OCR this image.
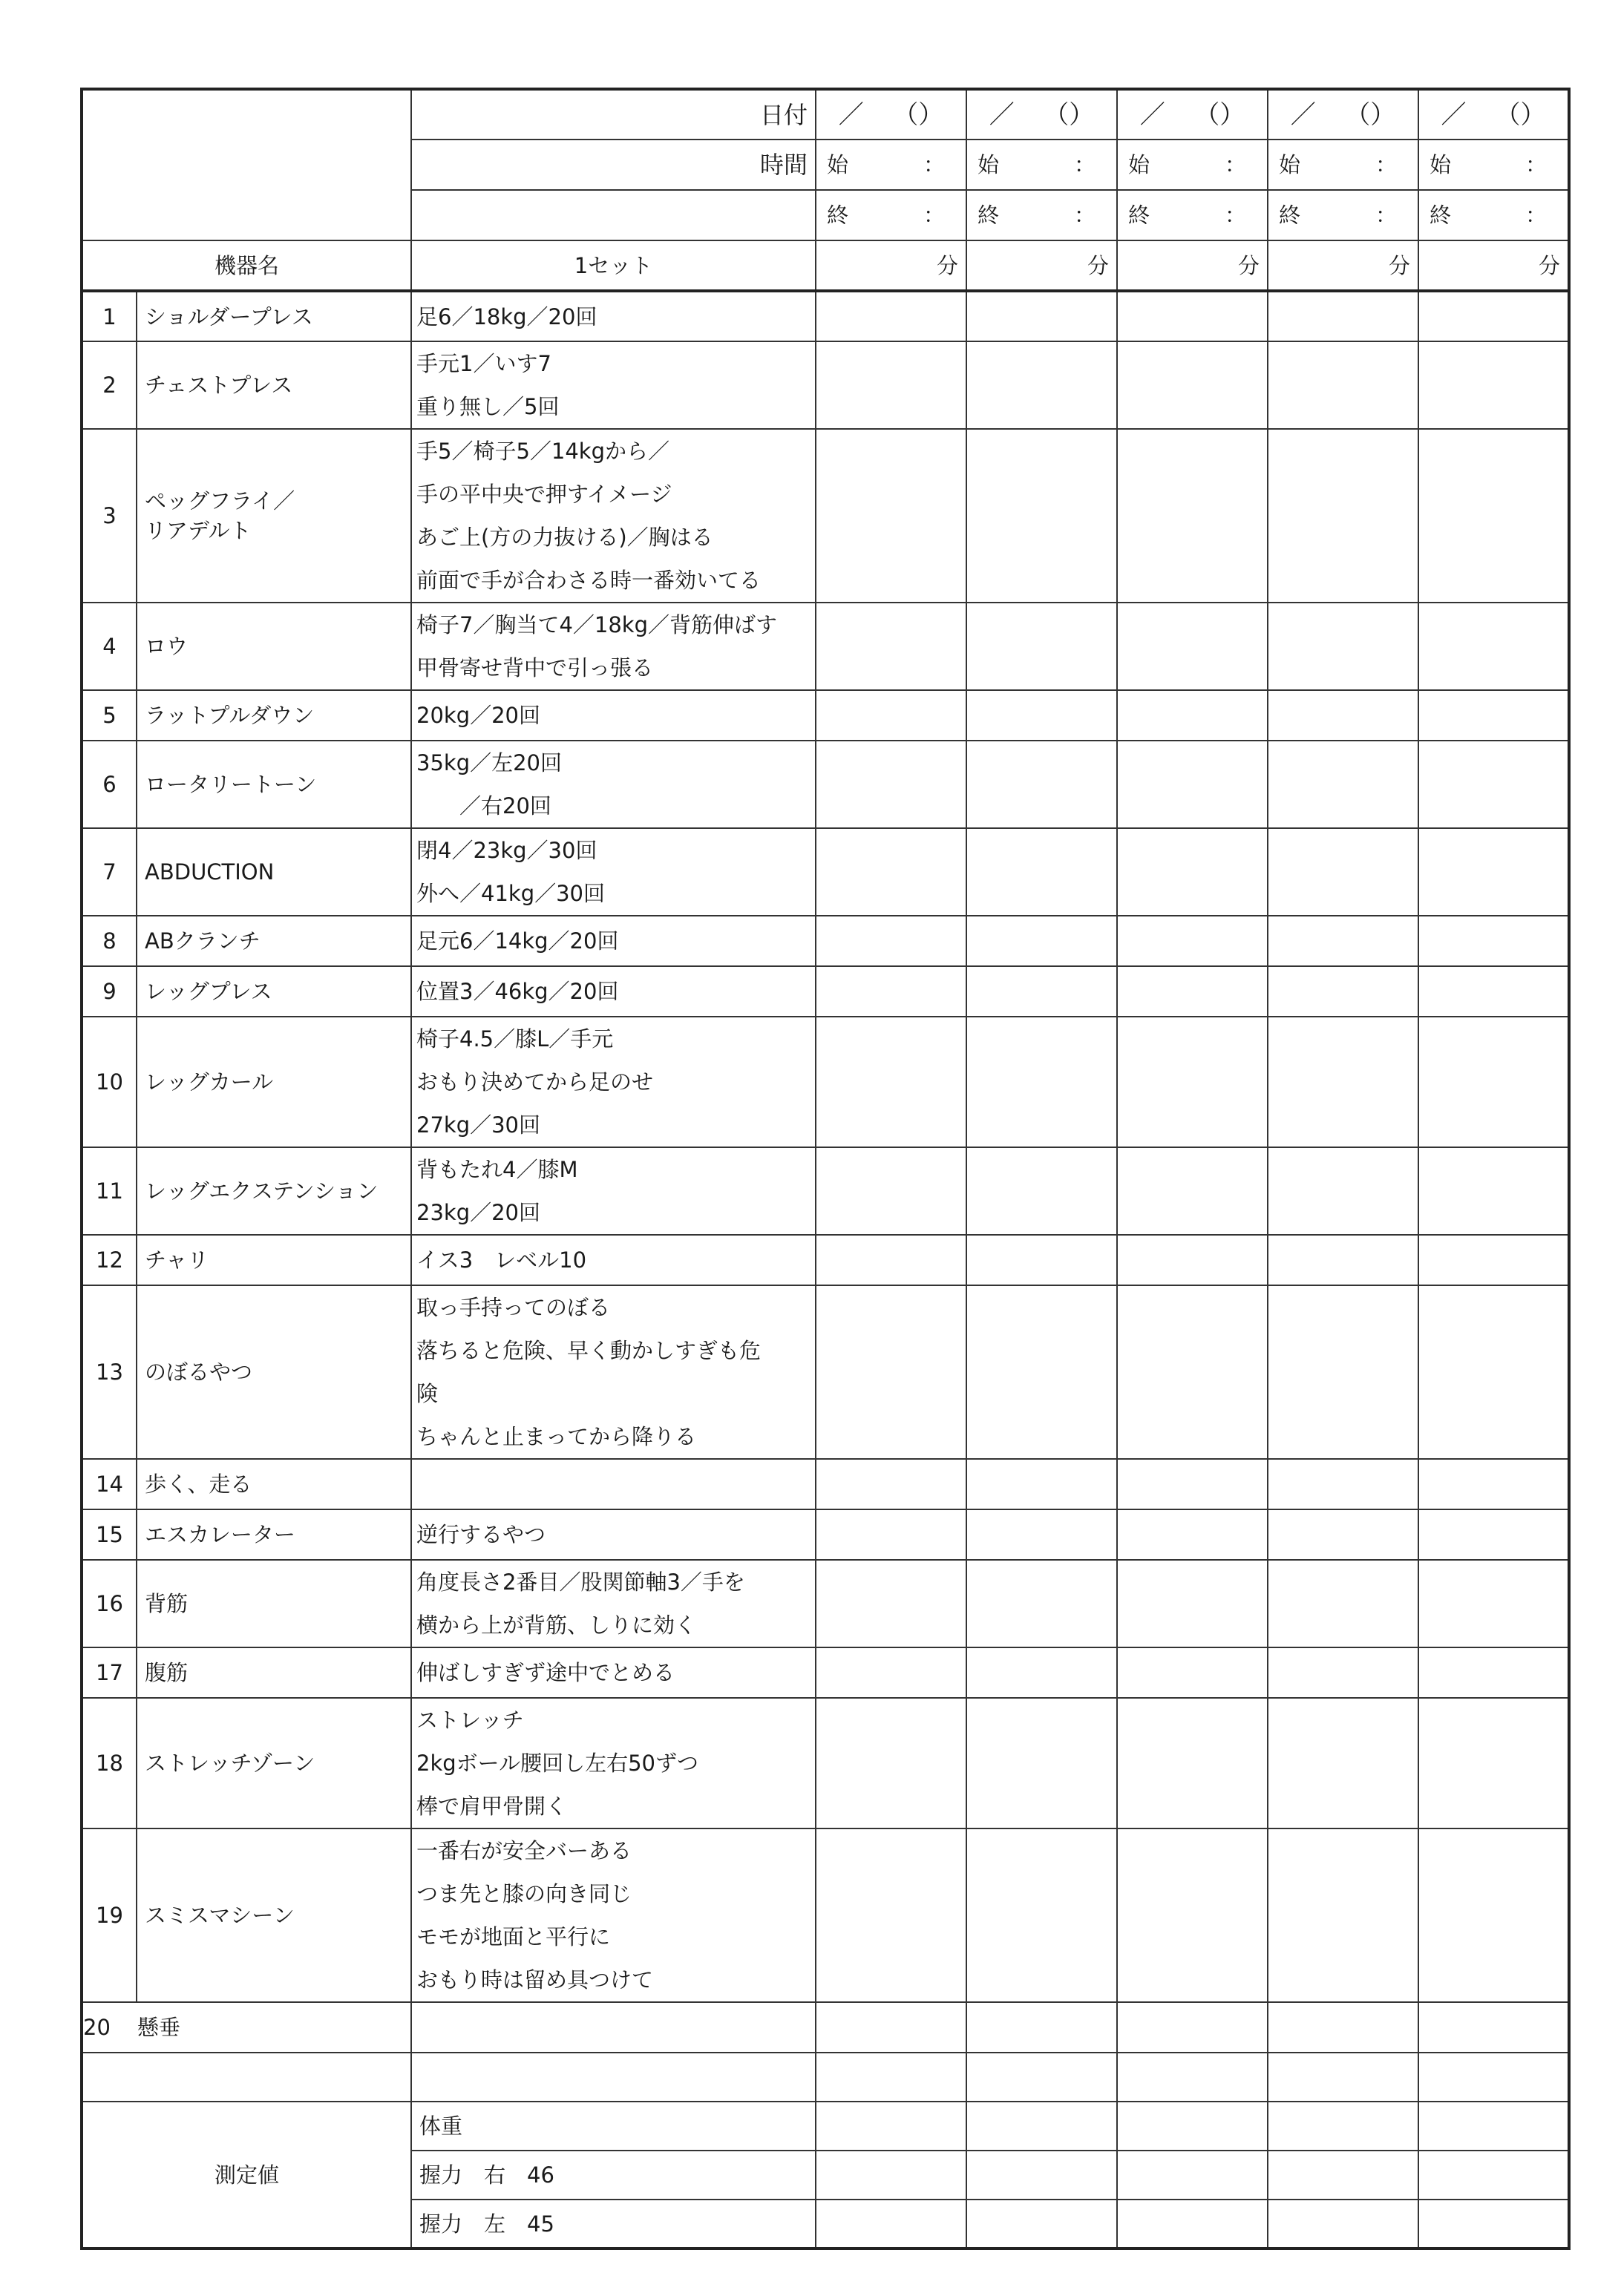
		日付	／ （）	／ （）	／ （）	／ （）	／ （）

		時間	始 ：	始 ：	始 ：	始 ：	始 ：

			終 ：	終 ：	終 ：	終 ：	終 ：

機器名		1セット	分	分	分	分	分
1	ショルダープレス	足6／18kg／20回					

2	チェストプレス	手元1／いす7
重り無し／5回					

3	ペッグフライ／
リアデルト	手5／椅子5／14kgから／
手の平中央で押すイメージ
あご上(方の力抜ける)／胸はる
前面で手が合わさる時一番効いてる					

4	ロウ	椅子7／胸当て4／18kg／背筋伸ばす
甲骨寄せ背中で引っ張る					

5	ラットプルダウン	20kg／20回					

6	ロータリートーン	35kg／左20回
　　／右20回					

7	ABDUCTION	閉4／23kg／30回
外へ／41kg／30回					

8	ABクランチ	足元6／14kg／20回					

9	レッグプレス	位置3／46kg／20回					

10	レッグカール	椅子4.5／膝L／手元
おもり決めてから足のせ
27kg／30回					

11	レッグエクステンション	背もたれ4／膝M
23kg／20回					

12	チャリ	イス3　レベル10					

13	のぼるやつ	取っ手持ってのぼる
落ちると危険、早く動かしすぎも危
険
ちゃんと止まってから降りる					

14	歩く、走る						

15	エスカレーター	逆行するやつ					

16	背筋	角度長さ2番目／股関節軸3／手を
横から上が背筋、しりに効く					

17	腹筋	伸ばしすぎず途中でとめる					

18	ストレッチゾーン	ストレッチ
2kgボール腰回し左右50ずつ
棒で肩甲骨開く					

19	スミスマシーン	一番右が安全バーある
つま先と膝の向き同じ
モモが地面と平行に
おもり時は留め具つけて					

20 懸垂		

測定値		体重					
		握力　右　46					
		握力　左　45					
